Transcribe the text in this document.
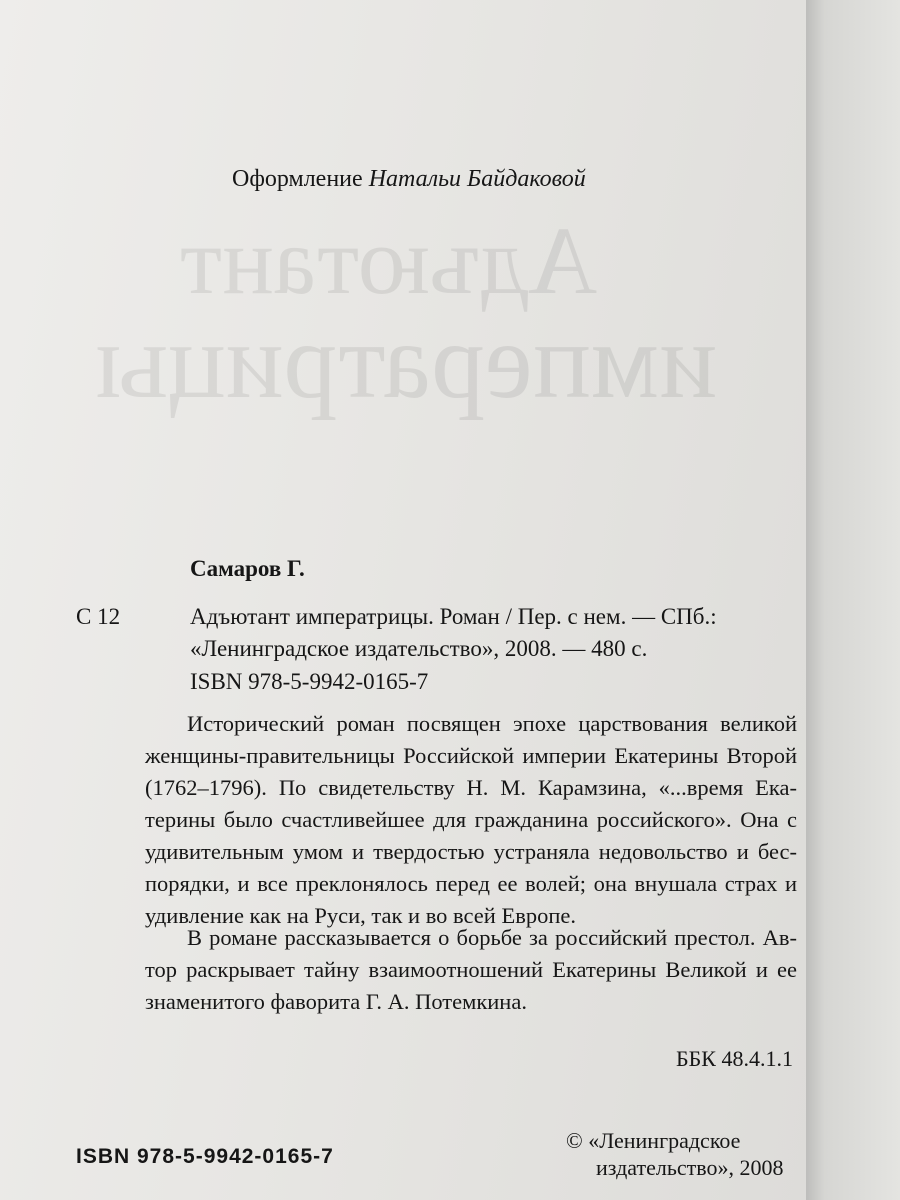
Адъютант
императрицы
Оформление Натальи Байдаковой
Самаров Г.
С 12	Адъютант императрицы. Роман / Пер. с нем. — СПб.:
«Ленинградское издательство», 2008. — 480 с.
ISBN 978-5-9942-0165-7
Исторический роман посвящен эпохе царствования великой
женщины-правительницы Российской империи Екатерины Второй
(1762–1796). По свидетельству Н. М. Карамзина, «...время Ека-
терины было счастливейшее для гражданина российского». Она с
удивительным умом и твердостью устраняла недовольство и бес-
порядки, и все преклонялось перед ее волей; она внушала страх и
удивление как на Руси, так и во всей Европе.
В романе рассказывается о борьбе за российский престол. Ав-
тор раскрывает тайну взаимоотношений Екатерины Великой и ее
знаменитого фаворита Г. А. Потемкина.
ББК 48.4.1.1
ISBN 978-5-9942-0165-7
© «Ленинградское
издательство», 2008
